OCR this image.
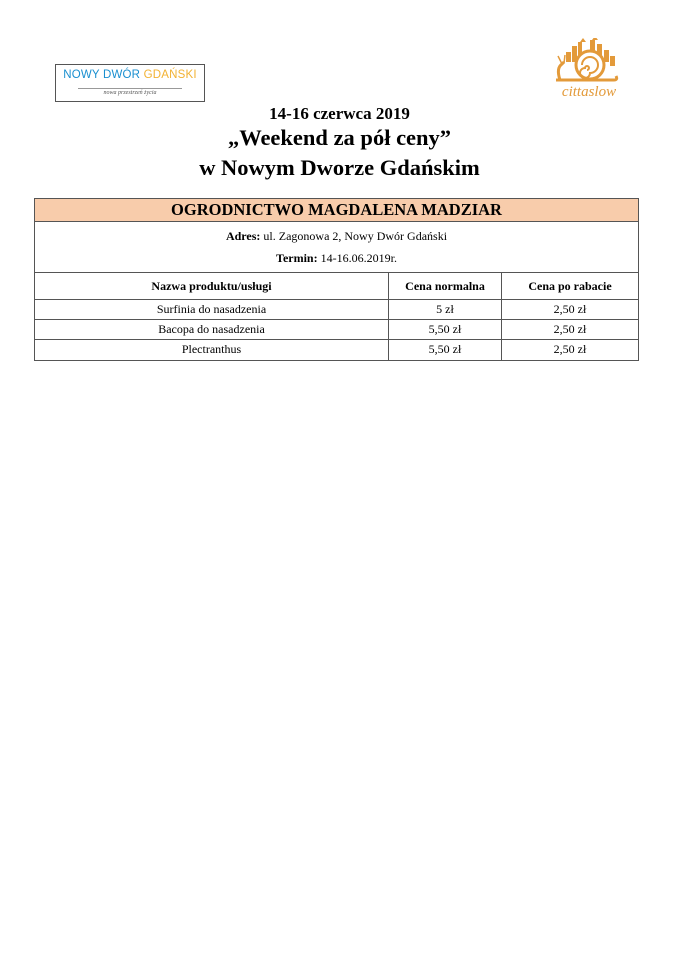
NOWY DWÓR GDAŃSKI
nowa przestrzeń życia	cittaslow
14-16 czerwca 2019
„Weekend za pół ceny”
w Nowym Dworze Gdańskim
OGRODNICTWO MAGDALENA MADZIAR
Adres: ul. Zagonowa 2, Nowy Dwór Gdański
Termin: 14-16.06.2019r.
Nazwa produktu/usługi	Cena normalna	Cena po rabacie
Surfinia do nasadzenia	5 zł	2,50 zł
Bacopa do nasadzenia	5,50 zł	2,50 zł
Plectranthus	5,50 zł	2,50 zł
